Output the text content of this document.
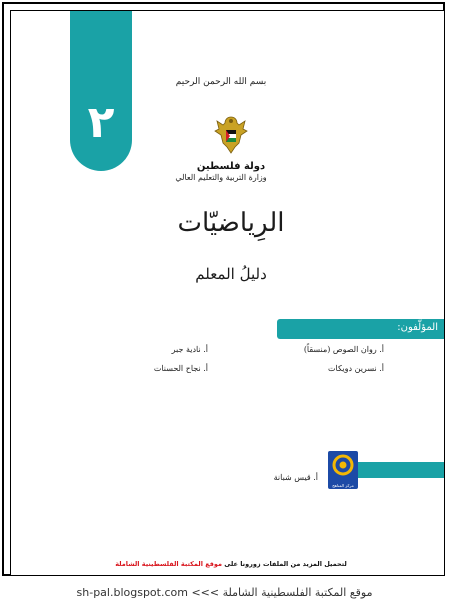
٢
بسم الله الرحمن الرحيم
دولة فلسطين
وزارة التربية والتعليم العالي
الرِياضيّات
دليلُ المعلم
المؤلّفون:
أ. روان الصوص (منسقاً)
أ. نادية جبر
أ. نسرين دويكات
أ. نجاح الحسنات
مركز المناهج
أ. قيس شبانة
لتحميل المزيد من الملفات زورونا على موقع المكتبة الفلسطينية الشاملة
sh-pal.blogspot.com <<< موقع المكتبة الفلسطينية الشاملة
